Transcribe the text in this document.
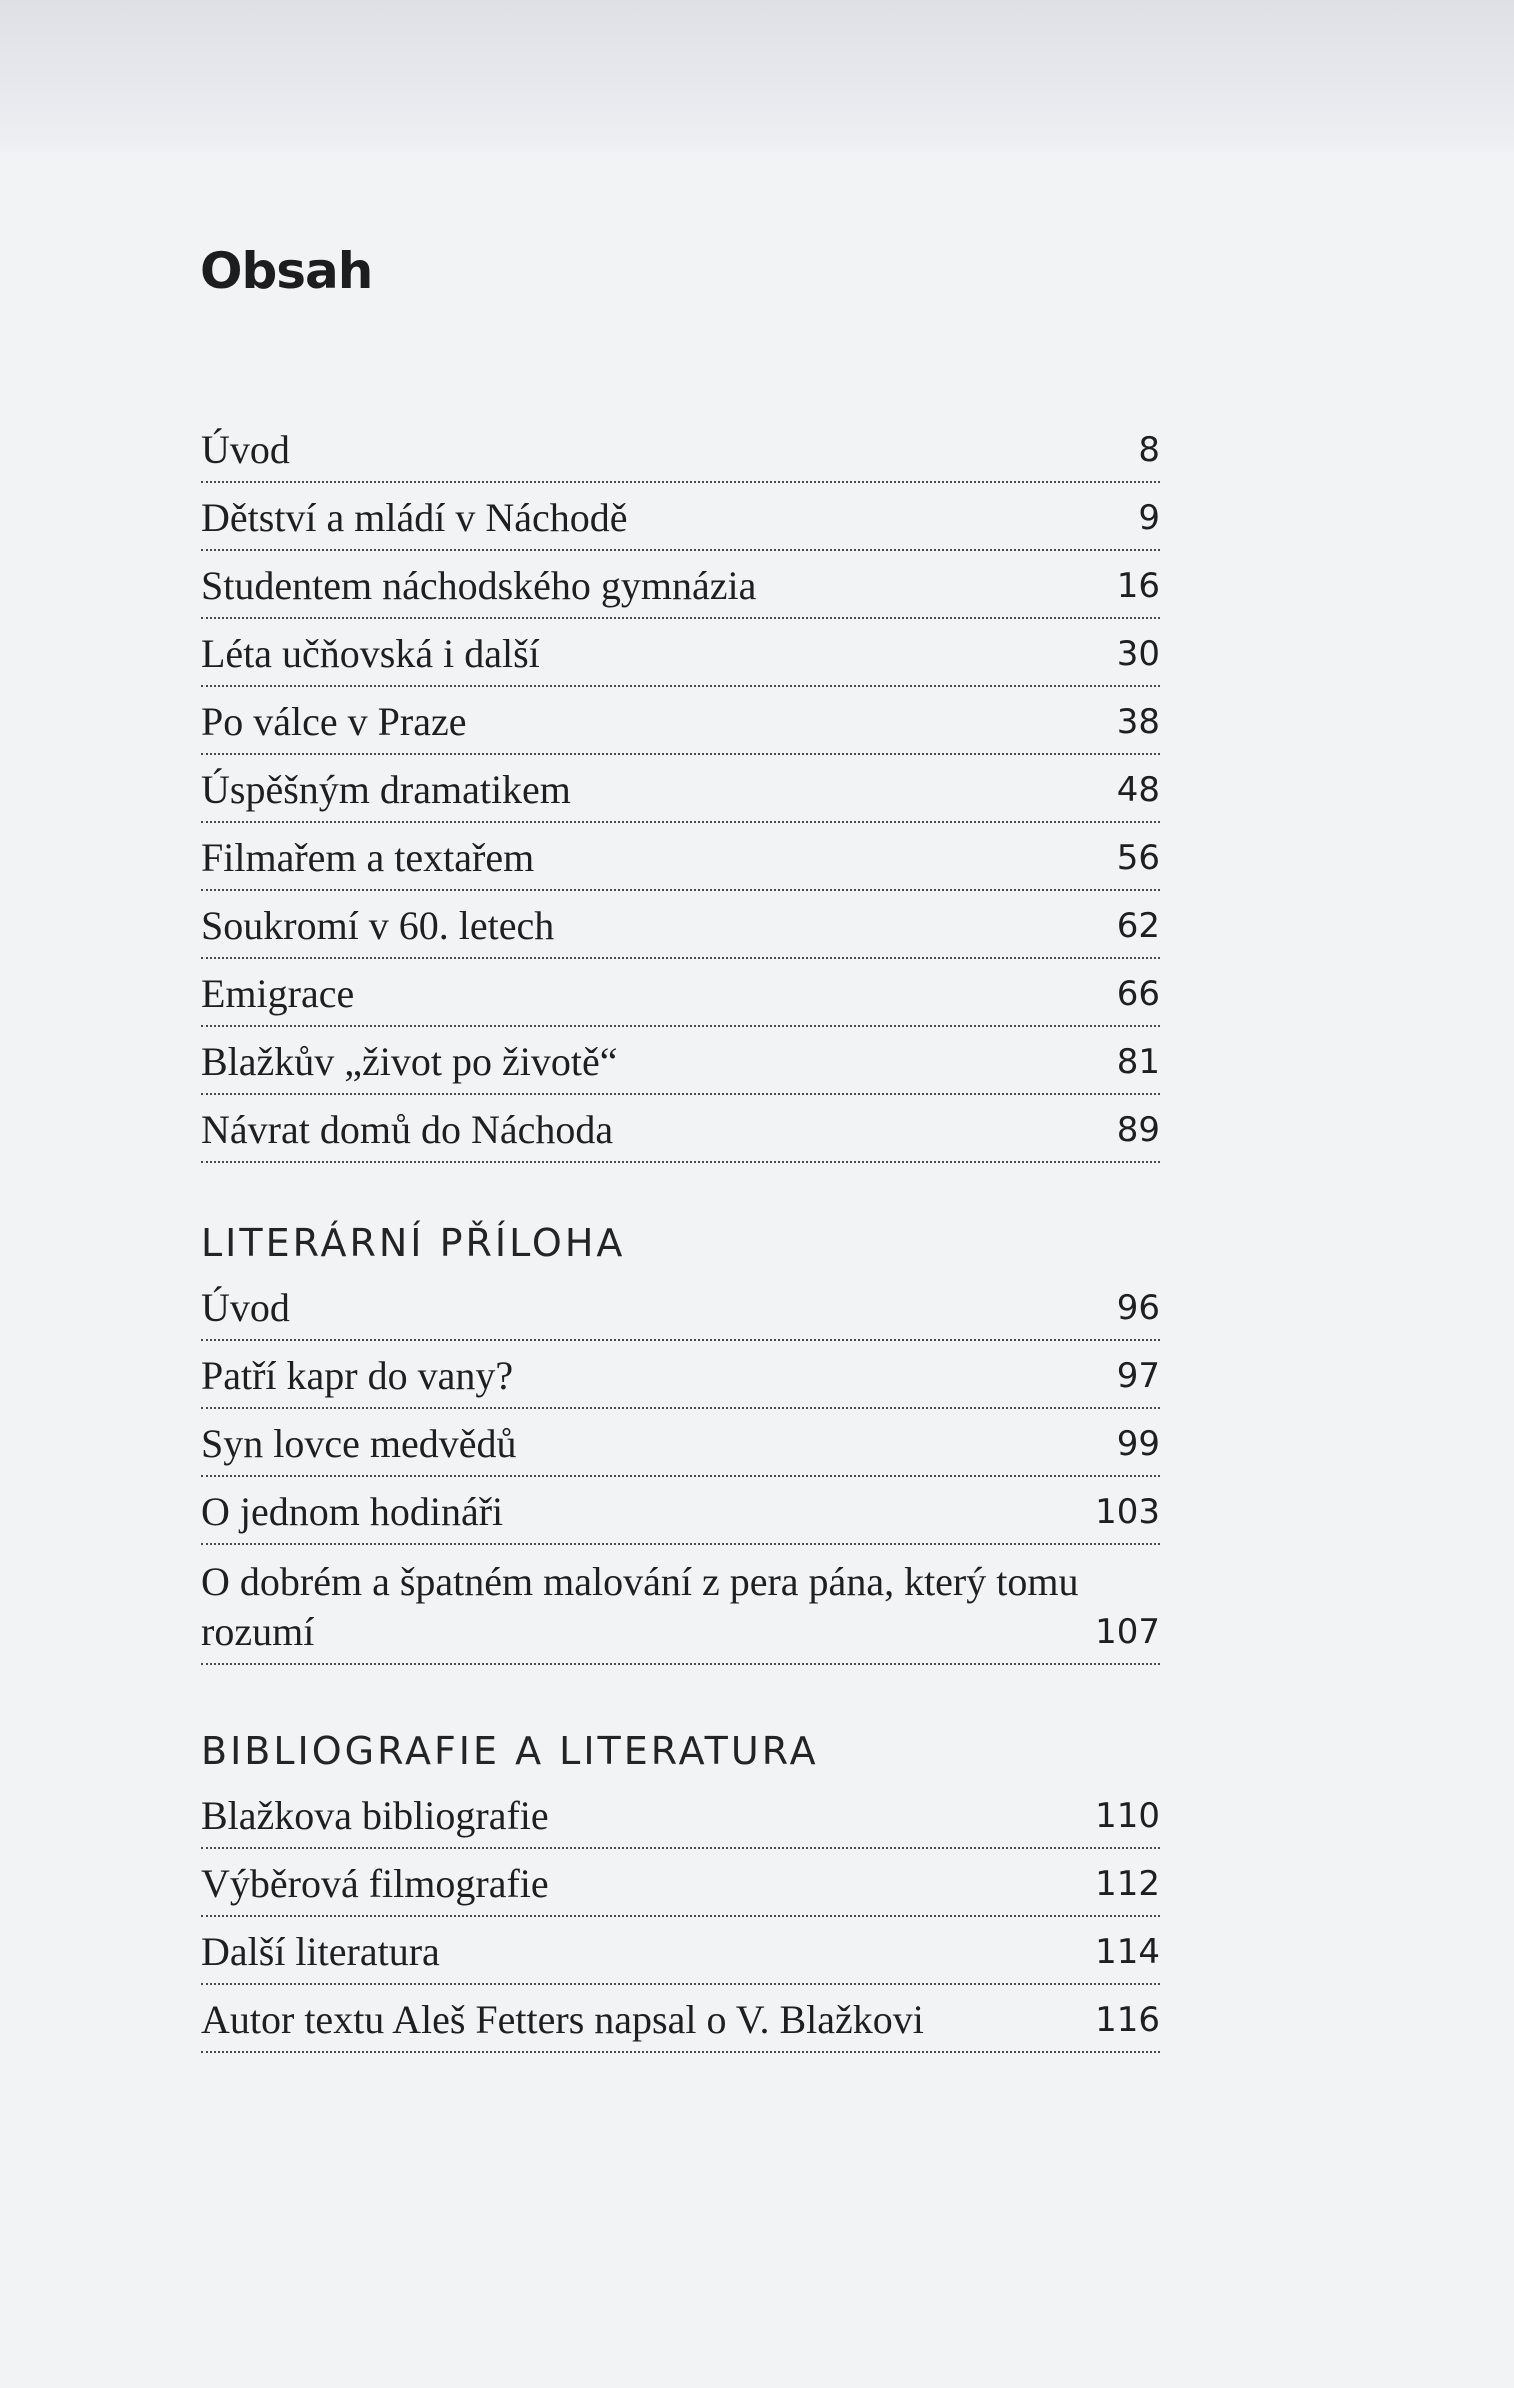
Obsah
Úvod	8
Dětství a mládí v Náchodě	9
Studentem náchodského gymnázia	16
Léta učňovská i další	30
Po válce v Praze	38
Úspěšným dramatikem	48
Filmařem a textařem	56
Soukromí v 60. letech	62
Emigrace	66
Blažkův „život po životě“	81
Návrat domů do Náchoda	89
LITERÁRNÍ PŘÍLOHA
Úvod	96
Patří kapr do vany?	97
Syn lovce medvědů	99
O jednom hodináři	103
O dobrém a špatném malování z pera pána, který tomu rozumí	107
BIBLIOGRAFIE A LITERATURA
Blažkova bibliografie	110
Výběrová filmografie	112
Další literatura	114
Autor textu Aleš Fetters napsal o V. Blažkovi	116
